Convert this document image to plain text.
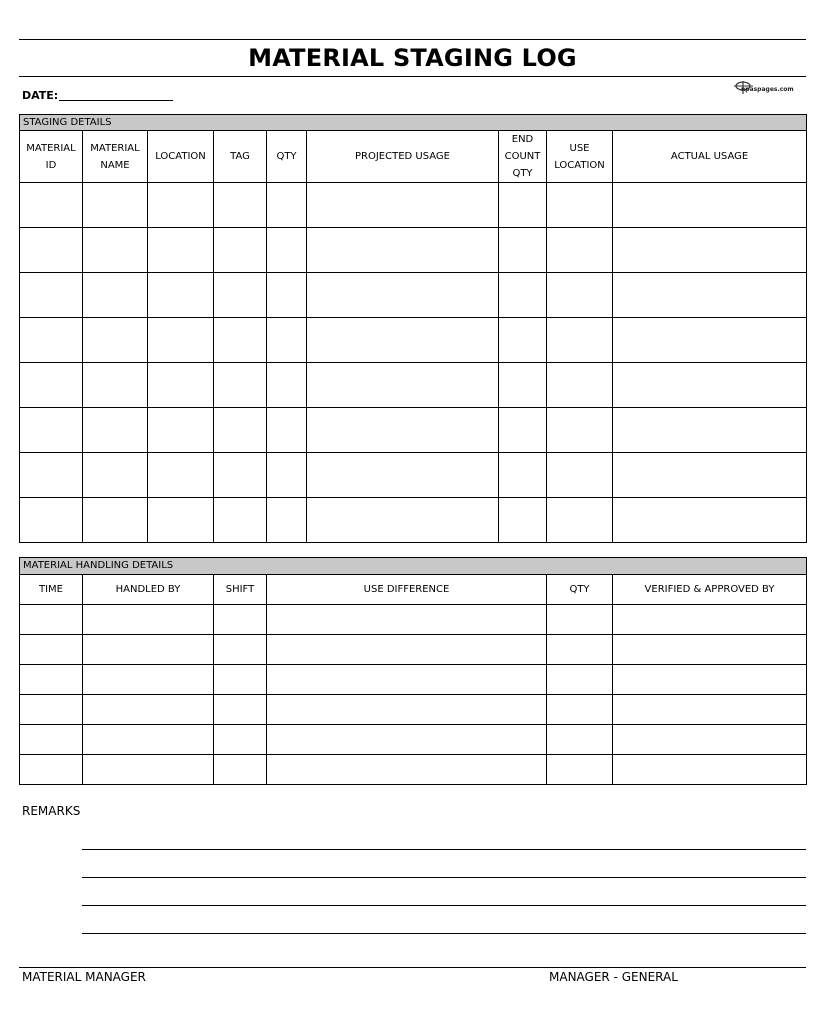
MATERIAL STAGING LOG
DATE:	npaspages.com
STAGING DETAILS								
MATERIAL ID	MATERIAL NAME	LOCATION	TAG	QTY	PROJECTED USAGE	END COUNT QTY	USE LOCATION	ACTUAL USAGE

MATERIAL HANDLING DETAILS					
TIME	HANDLED BY	SHIFT	USE DIFFERENCE	QTY	VERIFIED & APPROVED BY

REMARKS
MATERIAL MANAGER	MANAGER - GENERAL
